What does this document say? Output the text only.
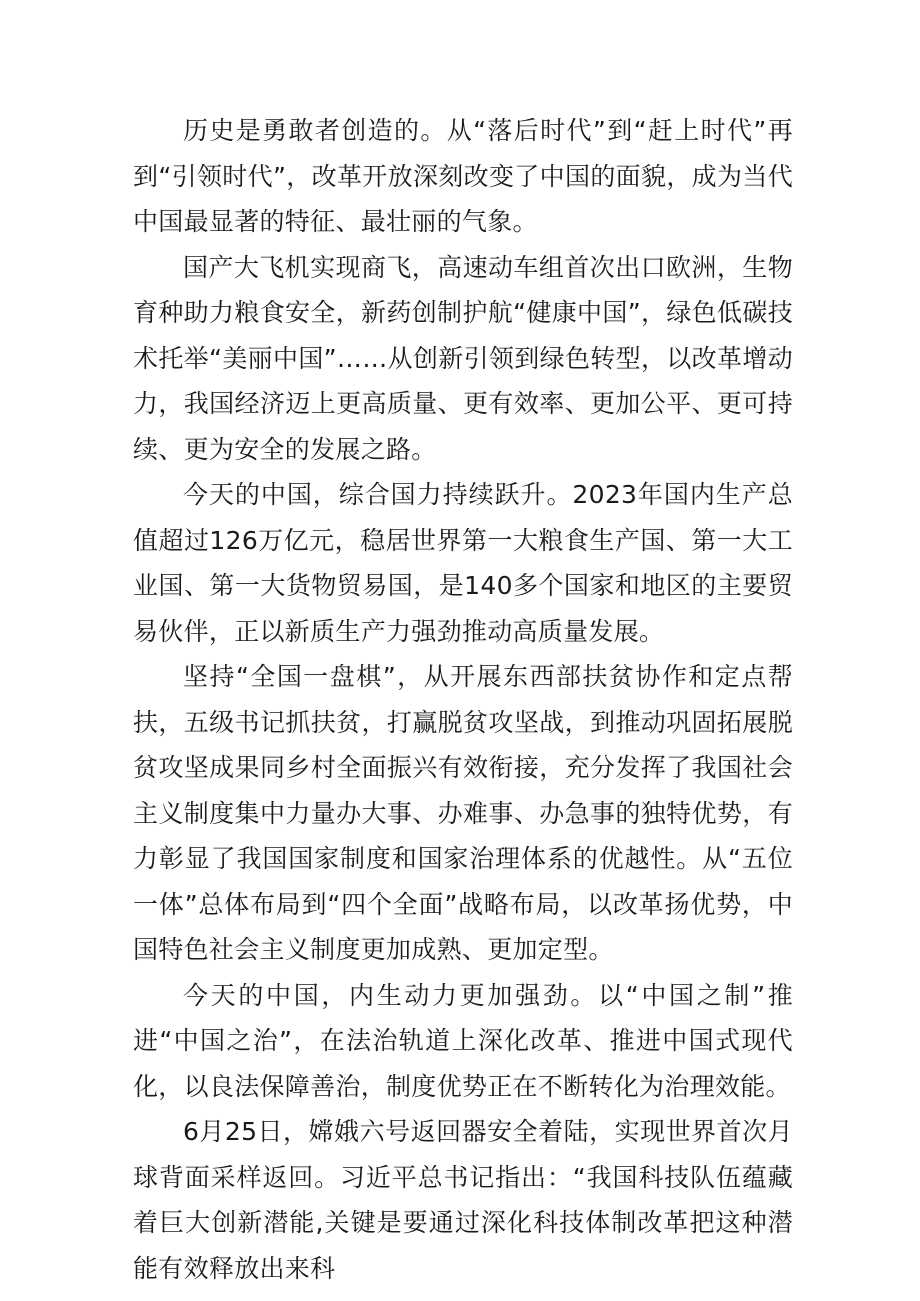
历史是勇敢者创造的。从“落后时代”到“赶上时代”再到“引领时代”，改革开放深刻改变了中国的面貌，成为当代中国最显著的特征、最壮丽的气象。

国产大飞机实现商飞，高速动车组首次出口欧洲，生物育种助力粮食安全，新药创制护航“健康中国”，绿色低碳技术托举“美丽中国”……从创新引领到绿色转型，以改革增动力，我国经济迈上更高质量、更有效率、更加公平、更可持续、更为安全的发展之路。

今天的中国，综合国力持续跃升。2023年国内生产总值超过126万亿元，稳居世界第一大粮食生产国、第一大工业国、第一大货物贸易国，是140多个国家和地区的主要贸易伙伴，正以新质生产力强劲推动高质量发展。

坚持“全国一盘棋”，从开展东西部扶贫协作和定点帮扶，五级书记抓扶贫，打赢脱贫攻坚战，到推动巩固拓展脱贫攻坚成果同乡村全面振兴有效衔接，充分发挥了我国社会主义制度集中力量办大事、办难事、办急事的独特优势，有力彰显了我国国家制度和国家治理体系的优越性。从“五位一体”总体布局到“四个全面”战略布局，以改革扬优势，中国特色社会主义制度更加成熟、更加定型。

今天的中国，内生动力更加强劲。以“中国之制”推进“中国之治”，在法治轨道上深化改革、推进中国式现代化，以良法保障善治，制度优势正在不断转化为治理效能。

6月25日，嫦娥六号返回器安全着陆，实现世界首次月球背面采样返回。习近平总书记指出：“我国科技队伍蕴藏着巨大创新潜能,关键是要通过深化科技体制改革把这种潜能有效释放出来科
